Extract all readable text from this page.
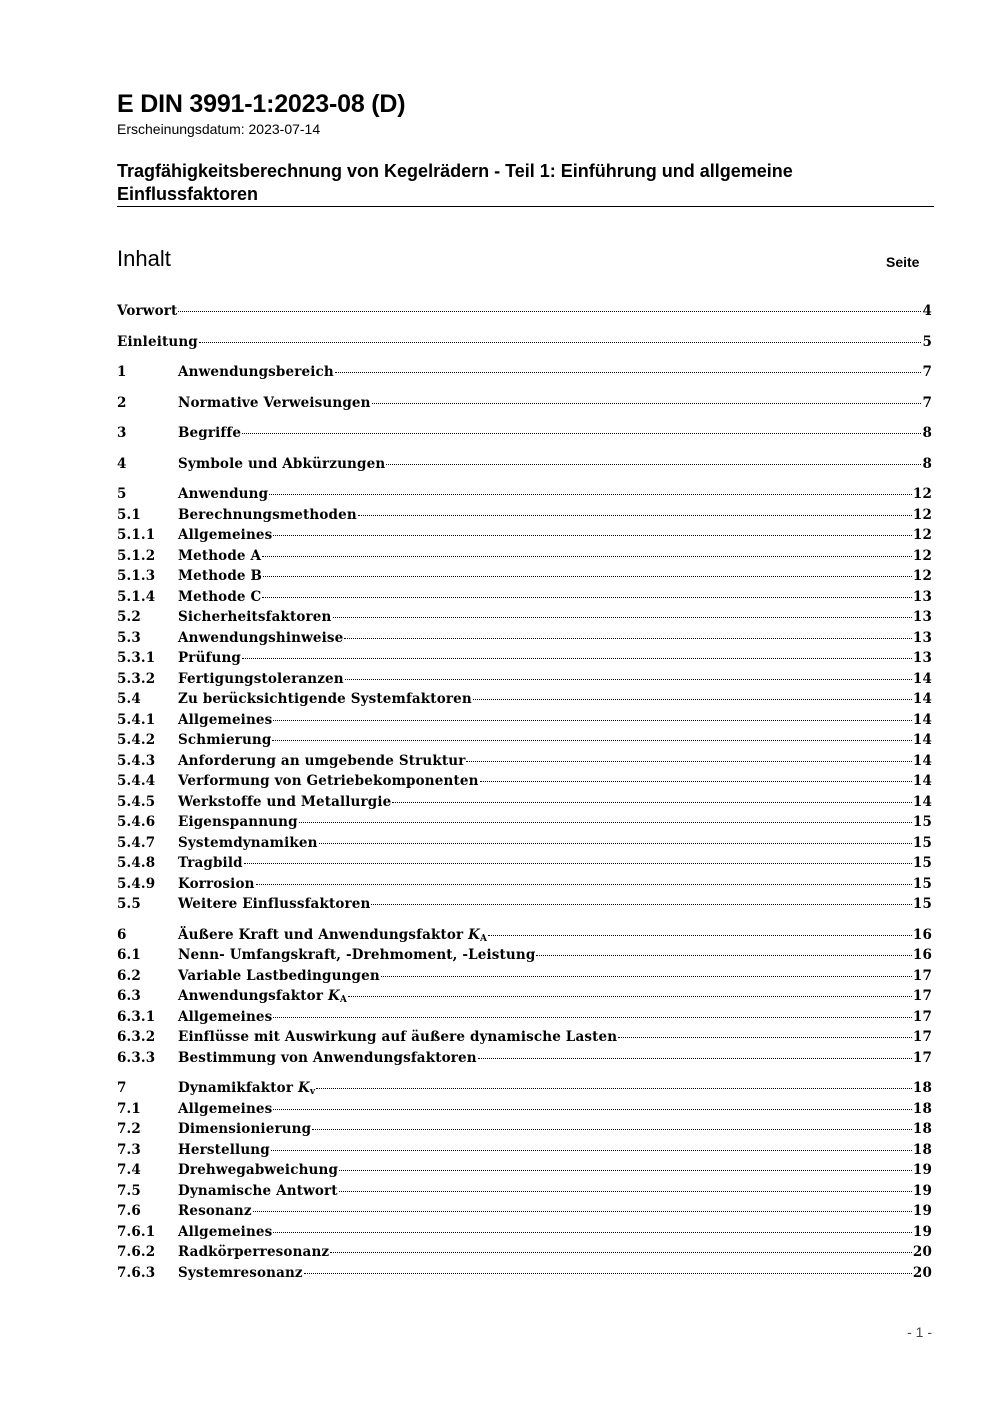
E DIN 3991-1:2023-08 (D)
Erscheinungsdatum: 2023-07-14
Tragfähigkeitsberechnung von Kegelrädern - Teil 1: Einführung und allgemeine Einflussfaktoren
Inhalt	Seite
Vorwort	4
Einleitung	5
1	Anwendungsbereich	7
2	Normative Verweisungen	7
3	Begriffe	8
4	Symbole und Abkürzungen	8
5	Anwendung	12
5.1	Berechnungsmethoden	12
5.1.1	Allgemeines	12
5.1.2	Methode A	12
5.1.3	Methode B	12
5.1.4	Methode C	13
5.2	Sicherheitsfaktoren	13
5.3	Anwendungshinweise	13
5.3.1	Prüfung	13
5.3.2	Fertigungstoleranzen	14
5.4	Zu berücksichtigende Systemfaktoren	14
5.4.1	Allgemeines	14
5.4.2	Schmierung	14
5.4.3	Anforderung an umgebende Struktur	14
5.4.4	Verformung von Getriebekomponenten	14
5.4.5	Werkstoffe und Metallurgie	14
5.4.6	Eigenspannung	15
5.4.7	Systemdynamiken	15
5.4.8	Tragbild	15
5.4.9	Korrosion	15
5.5	Weitere Einflussfaktoren	15
6	Äußere Kraft und Anwendungsfaktor $K_A$	16
6.1	Nenn- Umfangskraft, -Drehmoment, -Leistung	16
6.2	Variable Lastbedingungen	17
6.3	Anwendungsfaktor $K_A$	17
6.3.1	Allgemeines	17
6.3.2	Einflüsse mit Auswirkung auf äußere dynamische Lasten	17
6.3.3	Bestimmung von Anwendungsfaktoren	17
7	Dynamikfaktor $K_v$	18
7.1	Allgemeines	18
7.2	Dimensionierung	18
7.3	Herstellung	18
7.4	Drehwegabweichung	19
7.5	Dynamische Antwort	19
7.6	Resonanz	19
7.6.1	Allgemeines	19
7.6.2	Radkörperresonanz	20
7.6.3	Systemresonanz	20
- 1 -
